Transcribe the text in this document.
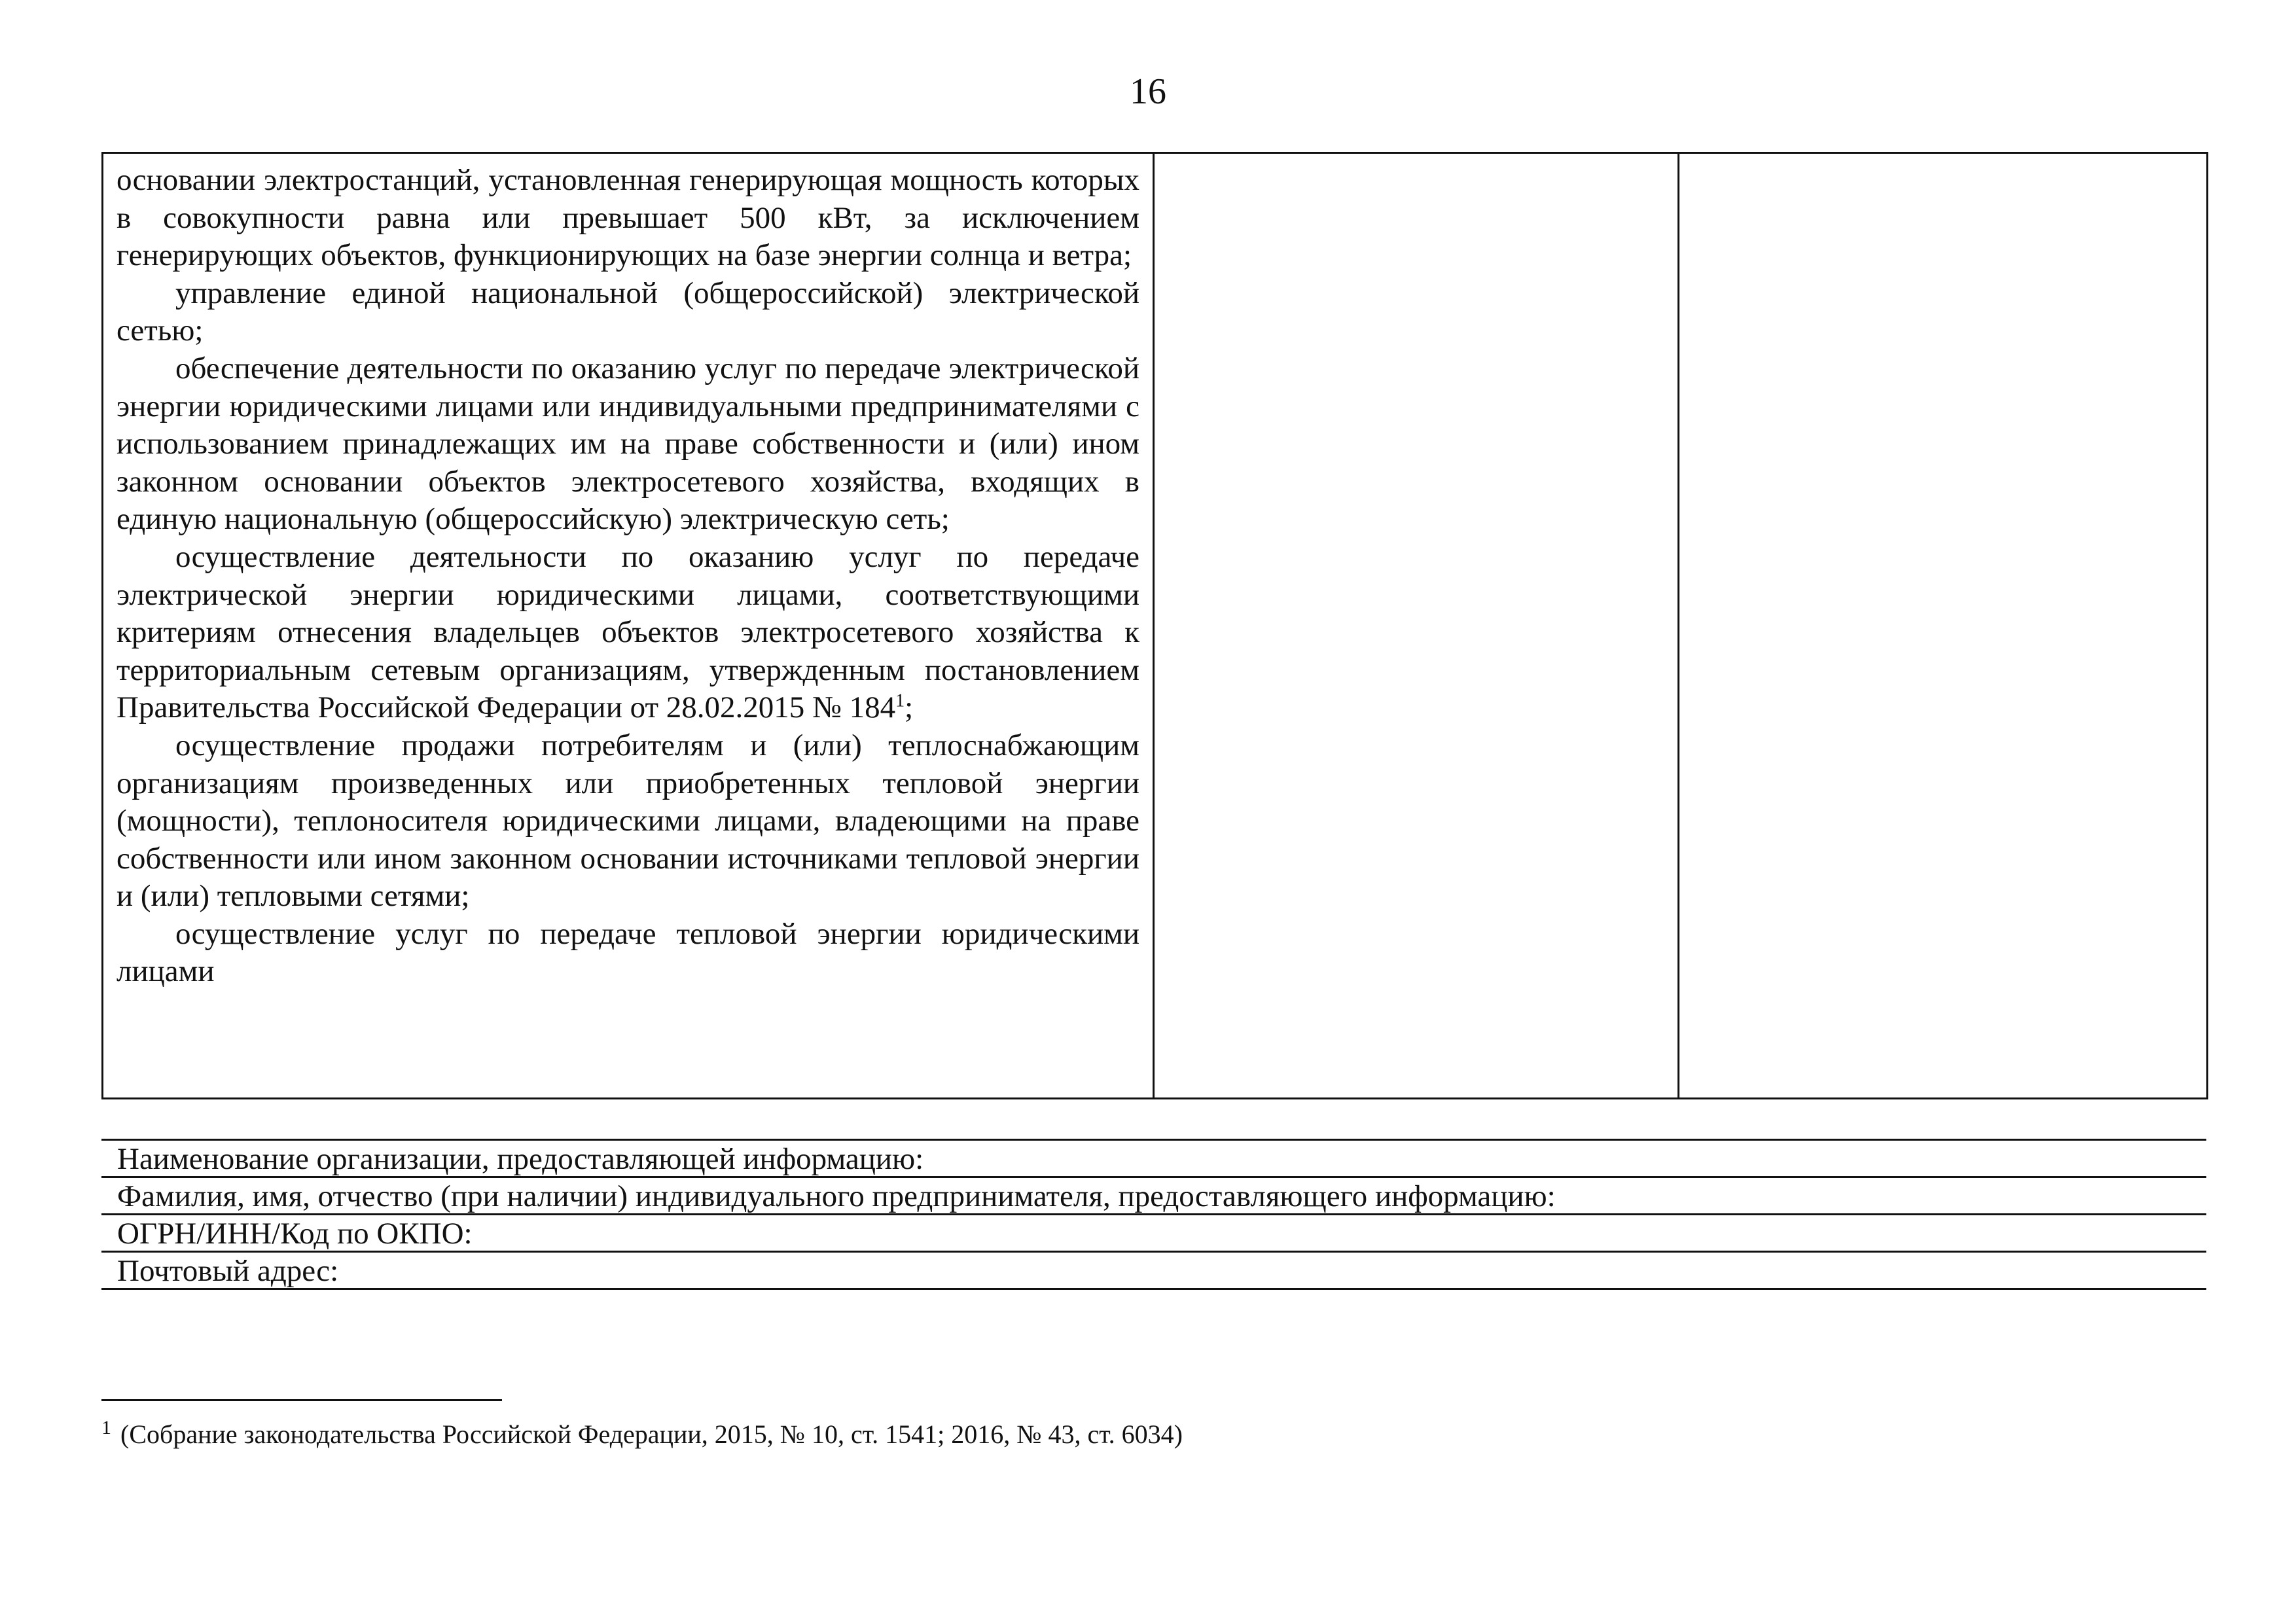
16

основании электростанций, установленная генерирующая мощность которых в совокупности равна или превышает 500 кВт, за исключением генерирующих объектов, функционирующих на базе энергии солнца и ветра;

управление единой национальной (общероссийской) электрической сетью;

обеспечение деятельности по оказанию услуг по передаче электрической энергии юридическими лицами или индивидуальными предпринимателями с использованием принадлежащих им на праве собственности и (или) ином законном основании объектов электросетевого хозяйства, входящих в единую национальную (общероссийскую) электрическую сеть;

осуществление деятельности по оказанию услуг по передаче электрической энергии юридическими лицами, соответствующими критериям отнесения владельцев объектов электросетевого хозяйства к территориальным сетевым организациям, утвержденным постановлением Правительства Российской Федерации от 28.02.2015 № $184^1$;

осуществление продажи потребителям и (или) теплоснабжающим организациям произведенных или приобретенных тепловой энергии (мощности), теплоносителя юридическими лицами, владеющими на праве собственности или ином законном основании источниками тепловой энергии и (или) тепловыми сетями;

осуществление услуг по передаче тепловой энергии юридическими лицами

Наименование организации, предоставляющей информацию:
Фамилия, имя, отчество (при наличии) индивидуального предпринимателя, предоставляющего информацию:
ОГРН/ИНН/Код по ОКПО:
Почтовый адрес:
$^1$ (Собрание законодательства Российской Федерации, 2015, № 10, ст. 1541; 2016, № 43, ст. 6034)
